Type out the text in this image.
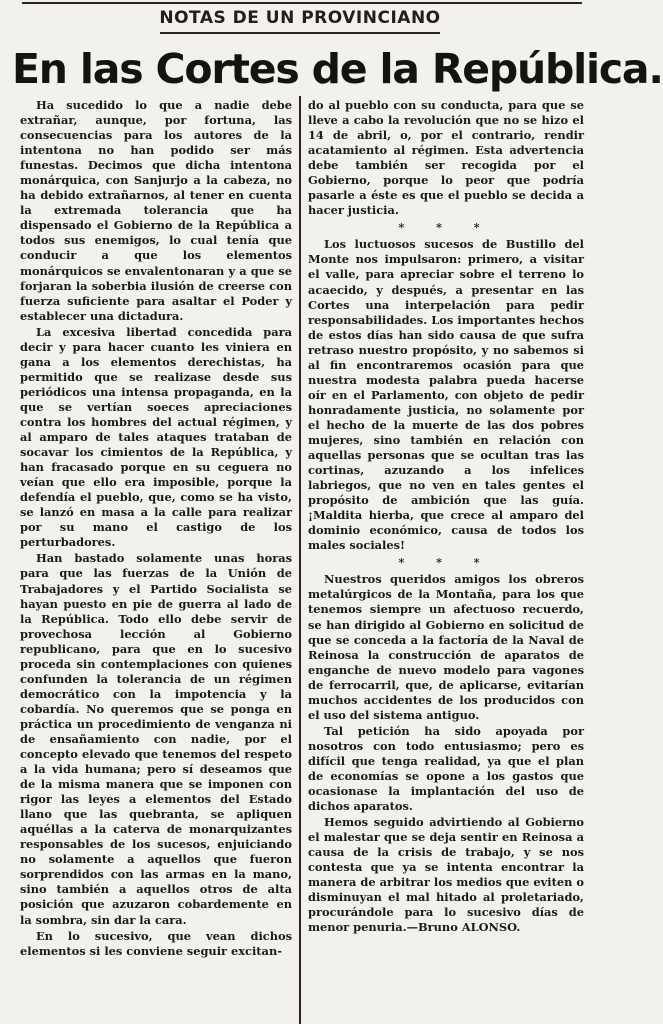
NOTAS DE UN PROVINCIANO
En las Cortes de la República.

Ha sucedido lo que a nadie debe extrañar, aunque, por fortuna, las consecuencias para los autores de la intentona no han podido ser más funestas. Decimos que dicha intentona monárquica, con Sanjurjo a la cabeza, no ha debido extrañarnos, al tener en cuenta la extremada tolerancia que ha dispensado el Gobierno de la República a todos sus enemigos, lo cual tenía que conducir a que los elementos monárquicos se envalentonaran y a que se forjaran la soberbia ilusión de creerse con fuerza suficiente para asaltar el Poder y establecer una dictadura.

La excesiva libertad concedida para decir y para hacer cuanto les viniera en gana a los elementos derechistas, ha permitido que se realizase desde sus periódicos una intensa propaganda, en la que se vertían soeces apreciaciones contra los hombres del actual régimen, y al amparo de tales ataques trataban de socavar los cimientos de la República, y han fracasado porque en su ceguera no veían que ello era imposible, porque la defendía el pueblo, que, como se ha visto, se lanzó en masa a la calle para realizar por su mano el castigo de los perturbadores.

Han bastado solamente unas horas para que las fuerzas de la Unión de Trabajadores y el Partido Socialista se hayan puesto en pie de guerra al lado de la República. Todo ello debe servir de provechosa lección al Gobierno republicano, para que en lo sucesivo proceda sin contemplaciones con quienes confunden la tolerancia de un régimen democrático con la impotencia y la cobardía. No queremos que se ponga en práctica un procedimiento de venganza ni de ensañamiento con nadie, por el concepto elevado que tenemos del respeto a la vida humana; pero sí deseamos que de la misma manera que se imponen con rigor las leyes a elementos del Estado llano que las quebranta, se apliquen aquéllas a la caterva de monarquizantes responsables de los sucesos, enjuiciando no solamente a aquellos que fueron sorprendidos con las armas en la mano, sino también a aquellos otros de alta posición que azuzaron cobardemente en la sombra, sin dar la cara.

En lo sucesivo, que vean dichos elementos si les conviene seguir excitan-

do al pueblo con su conducta, para que se lleve a cabo la revolución que no se hizo el 14 de abril, o, por el contrario, rendir acatamiento al régimen. Esta advertencia debe también ser recogida por el Gobierno, porque lo peor que podría pasarle a éste es que el pueblo se decida a hacer justicia.

* * *

Los luctuosos sucesos de Bustillo del Monte nos impulsaron: primero, a visitar el valle, para apreciar sobre el terreno lo acaecido, y después, a presentar en las Cortes una interpelación para pedir responsabilidades. Los importantes hechos de estos días han sido causa de que sufra retraso nuestro propósito, y no sabemos si al fin encontraremos ocasión para que nuestra modesta palabra pueda hacerse oír en el Parlamento, con objeto de pedir honradamente justicia, no solamente por el hecho de la muerte de las dos pobres mujeres, sino también en relación con aquellas personas que se ocultan tras las cortinas, azuzando a los infelices labriegos, que no ven en tales gentes el propósito de ambición que las guía. ¡Maldita hierba, que crece al amparo del dominio económico, causa de todos los males sociales!

* * *

Nuestros queridos amigos los obreros metalúrgicos de la Montaña, para los que tenemos siempre un afectuoso recuerdo, se han dirigido al Gobierno en solicitud de que se conceda a la factoría de la Naval de Reinosa la construcción de aparatos de enganche de nuevo modelo para vagones de ferrocarril, que, de aplicarse, evitarían muchos accidentes de los producidos con el uso del sistema antiguo.

Tal petición ha sido apoyada por nosotros con todo entusiasmo; pero es difícil que tenga realidad, ya que el plan de economías se opone a los gastos que ocasionase la implantación del uso de dichos aparatos.

Hemos seguido advirtiendo al Gobierno el malestar que se deja sentir en Reinosa a causa de la crisis de trabajo, y se nos contesta que ya se intenta encontrar la manera de arbitrar los medios que eviten o disminuyan el mal hitado al proletariado, procurándole para lo sucesivo días de menor penuria.—Bruno ALONSO.
